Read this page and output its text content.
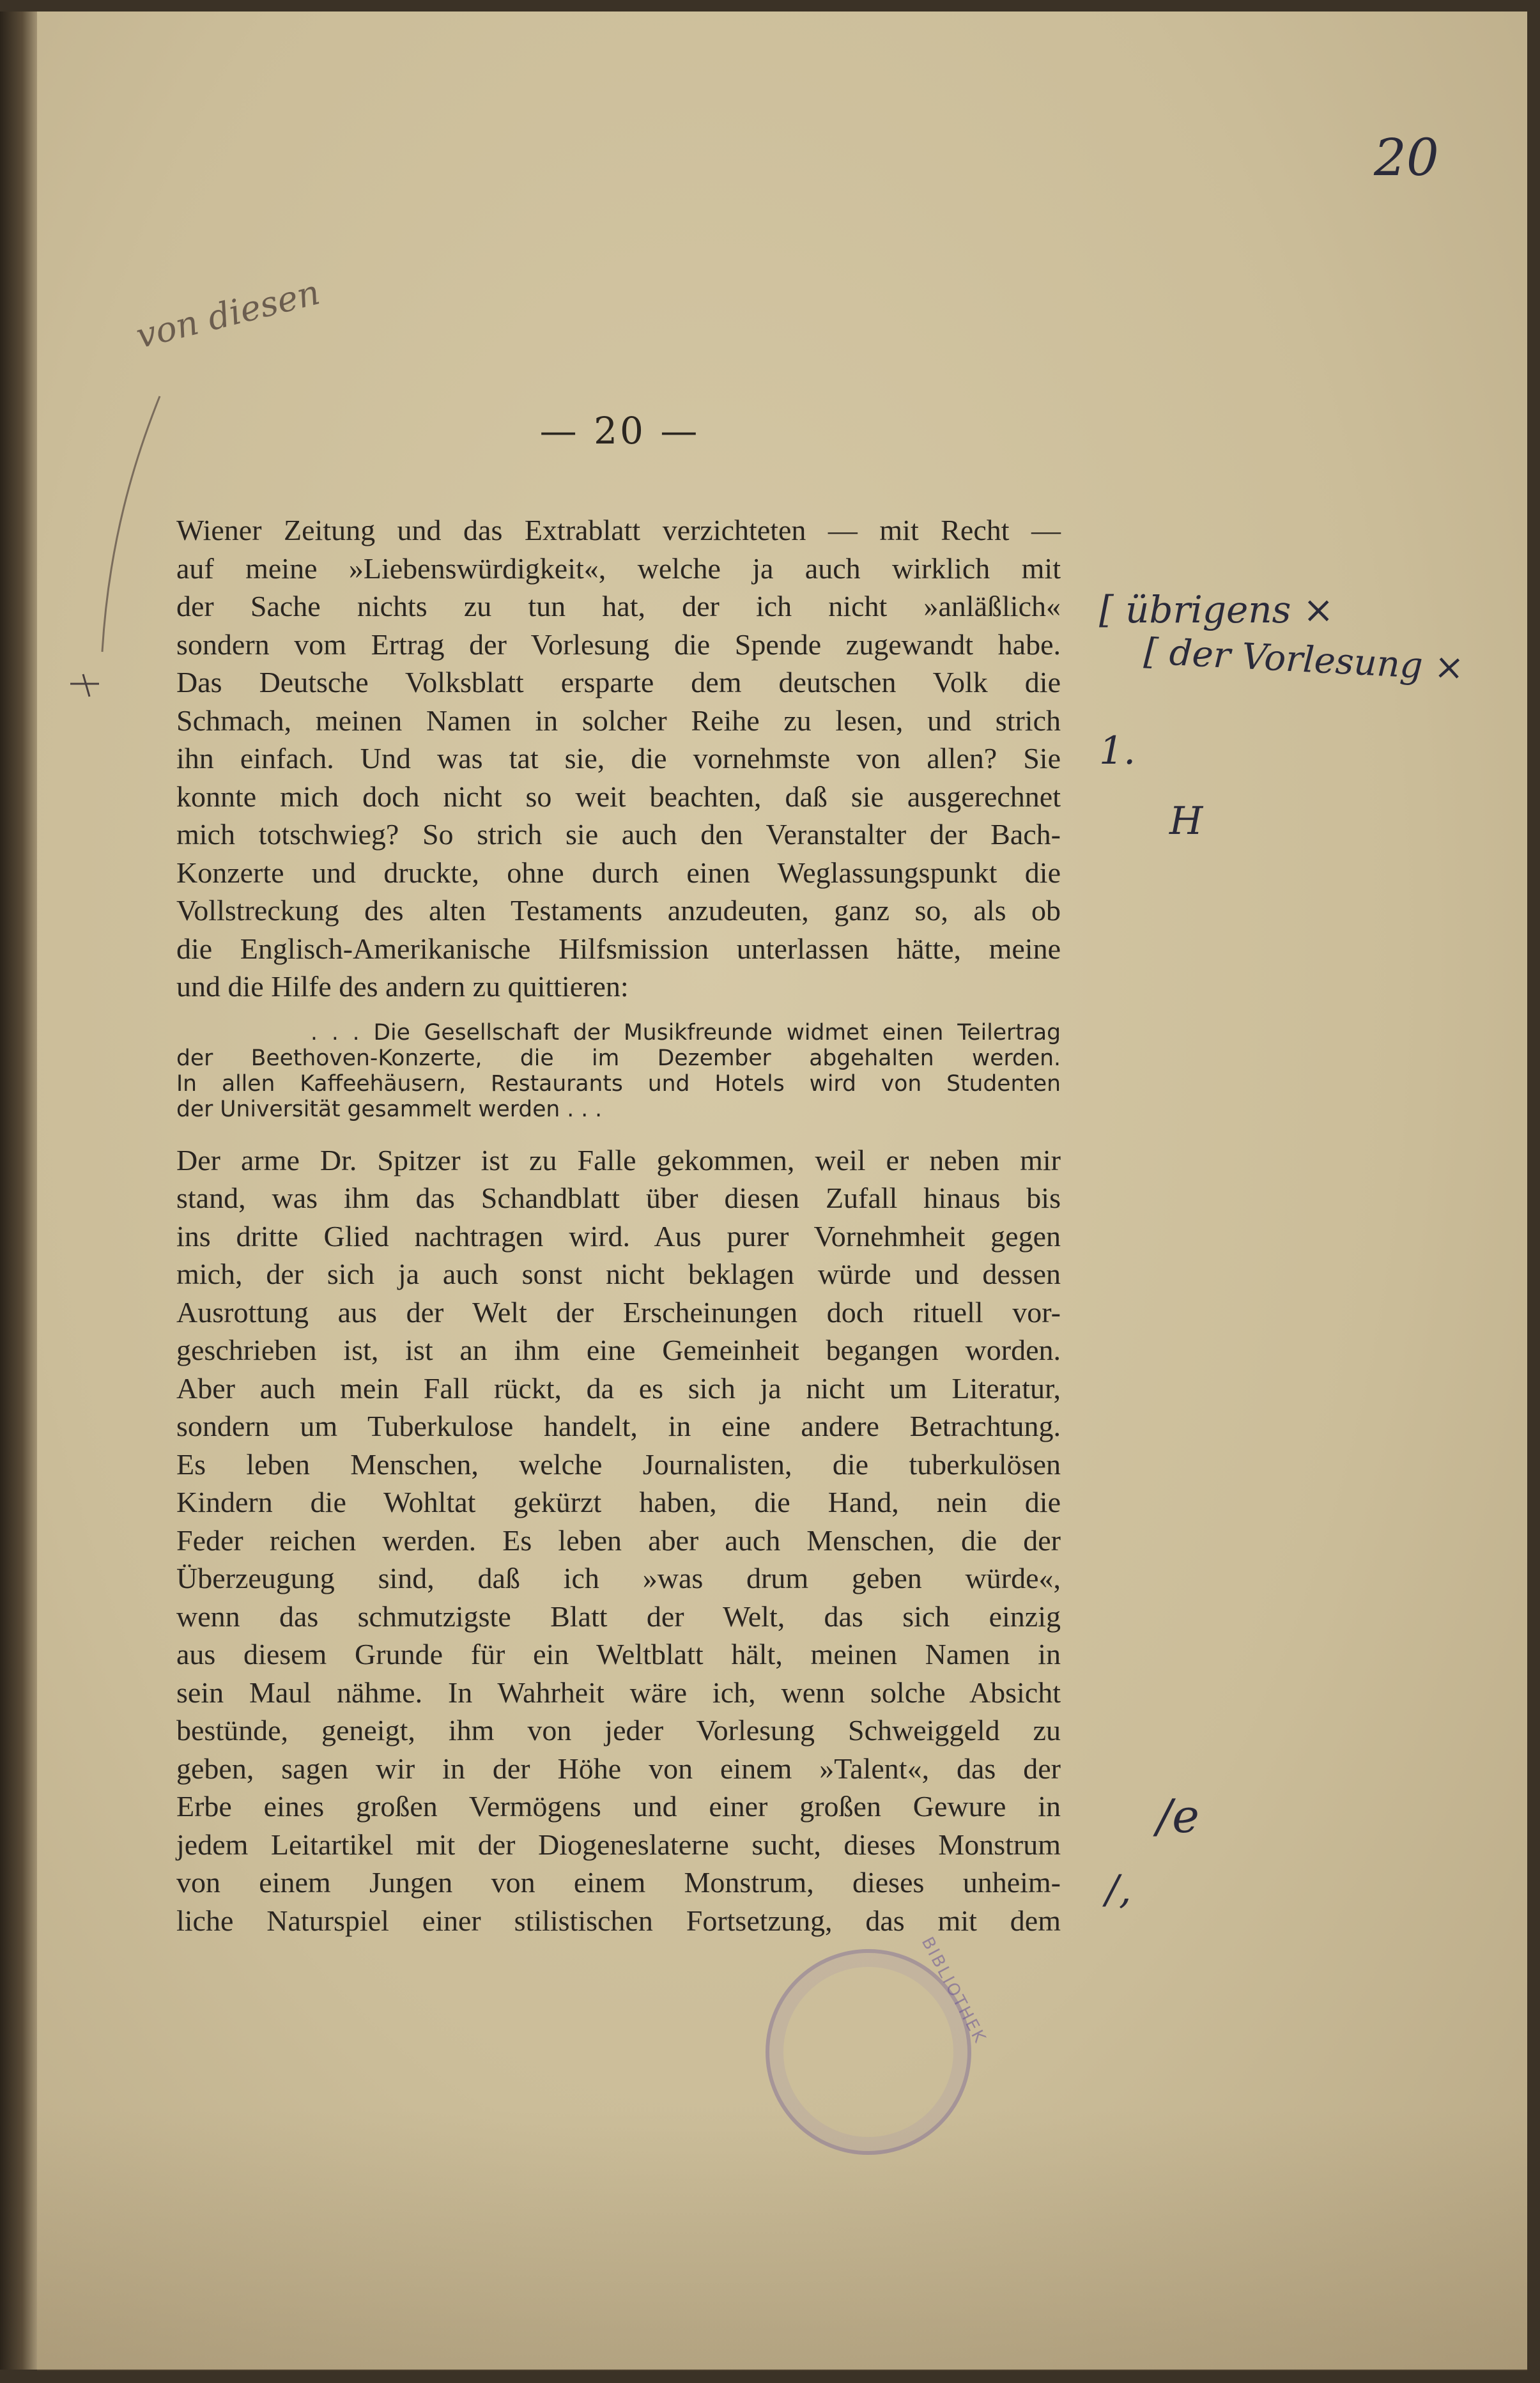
20
von diesen
— 20 —
Wiener Zeitung und das Extrablatt verzichteten — mit Recht —
auf meine »Liebenswürdigkeit«, welche ja auch wirklich mit
der Sache nichts zu tun hat, der ich nicht »anläßlich«
sondern vom Ertrag der Vorlesung die Spende zugewandt habe.
Das Deutsche Volksblatt ersparte dem deutschen Volk die
Schmach, meinen Namen in solcher Reihe zu lesen, und strich
ihn einfach. Und was tat sie, die vornehmste von allen? Sie
konnte mich doch nicht so weit beachten, daß sie ausgerechnet
mich totschwieg? So strich sie auch den Veranstalter der Bach-
Konzerte und druckte, ohne durch einen Weglassungspunkt die
Vollstreckung des alten Testaments anzudeuten, ganz so, als ob
die Englisch-Amerikanische Hilfsmission unterlassen hätte, meine
und die Hilfe des andern zu quittieren:
. . . Die Gesellschaft der Musikfreunde widmet einen Teilertrag
der Beethoven-Konzerte, die im Dezember abgehalten werden.
In allen Kaffeehäusern, Restaurants und Hotels wird von Studenten
der Universität gesammelt werden . . .
Der arme Dr. Spitzer ist zu Falle gekommen, weil er neben mir
stand, was ihm das Schandblatt über diesen Zufall hinaus bis
ins dritte Glied nachtragen wird. Aus purer Vornehmheit gegen
mich, der sich ja auch sonst nicht beklagen würde und dessen
Ausrottung aus der Welt der Erscheinungen doch rituell vor-
geschrieben ist, ist an ihm eine Gemeinheit begangen worden.
Aber auch mein Fall rückt, da es sich ja nicht um Literatur,
sondern um Tuberkulose handelt, in eine andere Betrachtung.
Es leben Menschen, welche Journalisten, die tuberkulösen
Kindern die Wohltat gekürzt haben, die Hand, nein die
Feder reichen werden. Es leben aber auch Menschen, die der
Überzeugung sind, daß ich »was drum geben würde«,
wenn das schmutzigste Blatt der Welt, das sich einzig
aus diesem Grunde für ein Weltblatt hält, meinen Namen in
sein Maul nähme. In Wahrheit wäre ich, wenn solche Absicht
bestünde, geneigt, ihm von jeder Vorlesung Schweiggeld zu
geben, sagen wir in der Höhe von einem »Talent«, das der
Erbe eines großen Vermögens und einer großen Gewure in
jedem Leitartikel mit der Diogeneslaterne sucht, dieses Monstrum
von einem Jungen von einem Monstrum, dieses unheim-
liche Naturspiel einer stilistischen Fortsetzung, das mit dem
[ übrigens ×
[ der Vorlesung ×
1.
H
/e
/,
BIBLIOTHEK
